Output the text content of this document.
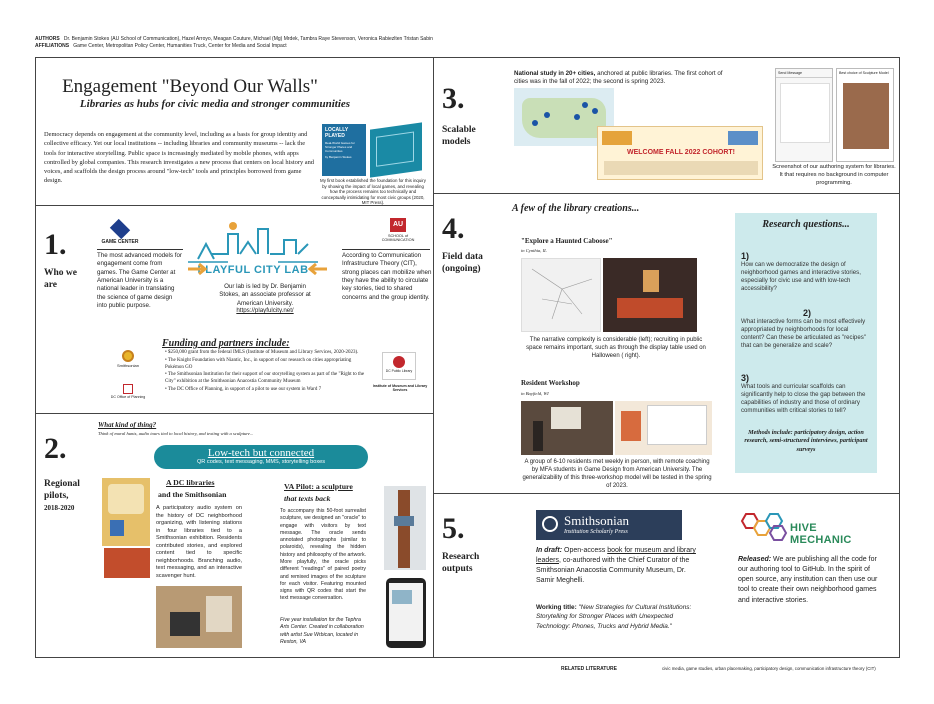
AUTHORS Dr. Benjamin Stokes (AU School of Communication), Hazel Arroyo, Meagan Couture, Michael (Mg) Mrdek, Tambra Raye Stevenson, Veronica Rabiezlten Tristan Sabin
AFFILIATIONS Game Center, Metropolitan Policy Center, Humanities Truck, Center for Media and Social Impact
Engagement "Beyond Our Walls"
Libraries as hubs for civic media and stronger communities
Democracy depends on engagement at the community level, including as a basis for group identity and collective efficacy. Yet our local institutions -- including libraries and community museums -- lack the tools for interactive storytelling. Public space is increasingly mediated by mobile phones, with apps controlled by global companies. This research investigates a new process that centers on local history and voices, and scaffolds the design process around "low-tech" tools and principles borrowed from game design.
LOCALLY PLAYED
Real-World Games for Stronger Places and Communities
by Benjamin Stokes
My first book established the foundation for this inquiry by showing the impact of local games, and revealing how the process remains too technically and conceptually intimidating for most civic groups (2020, MIT Press).
1.
Who we are
GAME CENTER
The most advanced models for engagement come from games. The Game Center at American University is a national leader in translating the science of game design into public purpose.
PLAYFUL CITY LAB
Our lab is led by Dr. Benjamin Stokes, an associate professor at American University.
https://playfulcity.net/
AU
SCHOOL of COMMUNICATION
According to Communication Infrastructure Theory (CIT), strong places can mobilize when they have the ability to circulate key stories, tied to shared concerns and the group identity.
Funding and partners include:
• $250,000 grant from the federal IMLS (Institute of Museum and Library Services, 2020-2023).
• The Knight Foundation with Niantic, Inc., in support of our research on cities appropriating Pokémon GO
• The Smithsonian Institution for their support of our storytelling system as part of the "Right to the City" exhibition at the Smithsonian Anacostia Community Museum
• The DC Office of Planning, in support of a pilot to use our system in Ward 7
Smithsonian
DC Office of Planning
DC Public Library
Institute of Museum and Library Services
2.
Regional pilots,
2018-2020
What kind of thing?
Think of mural hunts, audio tours tied to local history, and texting with a sculpture...
Low-tech but connected
QR codes, text messaging, MMS, storytelling boxes
A DC libraries
and the Smithsonian
A participatory audio system on the history of DC neighborhood organizing, with listening stations in four libraries tied to a Smithsonian exhibition. Residents contributed stories, and explored content tied to specific neighborhoods. Branching audio, text messaging, and an interactive scavenger hunt.
VA Pilot: a sculpture
that texts back
To accompany this 50-foot surrealist sculpture, we designed an "oracle" to engage with visitors by text message. The oracle sends annotated photographs (similar to polaroids), revealing the hidden history and philosophy of the artwork. More playfully, the oracle picks different "readings" of paired poetry and remixed images of the sculpture for each visitor. Featuring mounted signs with QR codes that start the text message conversation.
Five year installation for the Tephra Arts Center. Created in collaboration with artist Sue Wrbican, located in Reston, VA
3.
Scalable models
National study in 20+ cities, anchored at public libraries. The first cohort of cities was in the fall of 2022; the second is spring 2023.
WELCOME FALL 2022 COHORT!
Send Message	Best choice of Sculpture Model
Screenshot of our authoring system for libraries. It that requires no background in computer programming.
4.
Field data (ongoing)
A few of the library creations...
"Explore a Haunted Caboose"
in Cynthia, IL
The narrative complexity is considerable (left); recruiting in public space remains important, such as through the display table used on Halloween ( right).
Resident Workshop
in Bayfield, WI
A group of 6-10 residents met weekly in person, with remote coaching by MFA students in Game Design from American University. The generalizability of this three-workshop model will be tested in the spring of 2023.
Research questions...
1)
How can we democratize the design of neighborhood games and interactive stories, especially for civic use and with low-tech accessibility?
2)
What interactive forms can be most effectively appropriated by neighborhoods for local content? Can these be articulated as "recipes" that can be generalize and scale?
3)
What tools and curricular scaffolds can significantly help to close the gap between the capabilities of industry and those of ordinary communities with critical stories to tell?
Methods include: participatory design, action research, semi-structured interviews, participant surveys
5.
Research outputs
Smithsonian
Institution Scholarly Press
In draft: Open-access book for museum and library leaders, co-authored with the Chief Curator of the Smithsonian Anacostia Community Museum, Dr. Samir Meghelli.
Working title: "New Strategies for Cultural Institutions: Storytelling for Stronger Places with Unexpected Technology: Phones, Trucks and Hybrid Media."
HIVE MECHANIC
Released: We are publishing all the code for our authoring tool to GitHub. In the spirit of open source, any institution can then use our tool to create their own neighborhood games and interactive stories.
RELATED LITERATURE	civic media, game studies, urban placemaking, participatory design, communication infrastructure theory (CIT)
